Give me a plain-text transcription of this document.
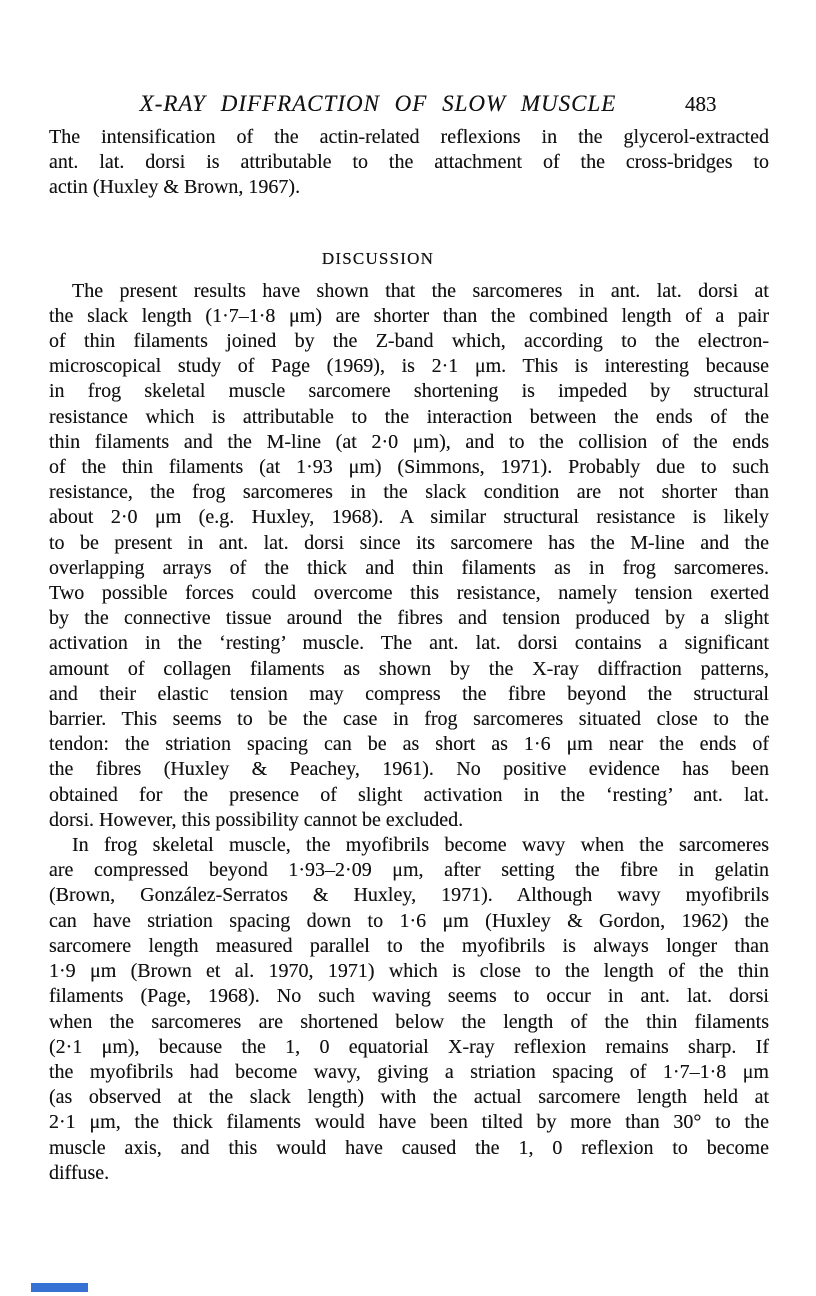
X-RAY DIFFRACTION OF SLOW MUSCLE	483
The intensification of the actin-related reflexions in the glycerol-extracted
ant. lat. dorsi is attributable to the attachment of the cross-bridges to
actin (Huxley & Brown, 1967).
DISCUSSION
The present results have shown that the sarcomeres in ant. lat. dorsi at
the slack length (1·7–1·8 μm) are shorter than the combined length of a pair
of thin filaments joined by the Z-band which, according to the electron-
microscopical study of Page (1969), is 2·1 μm. This is interesting because
in frog skeletal muscle sarcomere shortening is impeded by structural
resistance which is attributable to the interaction between the ends of the
thin filaments and the M-line (at 2·0 μm), and to the collision of the ends
of the thin filaments (at 1·93 μm) (Simmons, 1971). Probably due to such
resistance, the frog sarcomeres in the slack condition are not shorter than
about 2·0 μm (e.g. Huxley, 1968). A similar structural resistance is likely
to be present in ant. lat. dorsi since its sarcomere has the M-line and the
overlapping arrays of the thick and thin filaments as in frog sarcomeres.
Two possible forces could overcome this resistance, namely tension exerted
by the connective tissue around the fibres and tension produced by a slight
activation in the ‘resting’ muscle. The ant. lat. dorsi contains a significant
amount of collagen filaments as shown by the X-ray diffraction patterns,
and their elastic tension may compress the fibre beyond the structural
barrier. This seems to be the case in frog sarcomeres situated close to the
tendon: the striation spacing can be as short as 1·6 μm near the ends of
the fibres (Huxley & Peachey, 1961). No positive evidence has been
obtained for the presence of slight activation in the ‘resting’ ant. lat.
dorsi. However, this possibility cannot be excluded.
In frog skeletal muscle, the myofibrils become wavy when the sarcomeres
are compressed beyond 1·93–2·09 μm, after setting the fibre in gelatin
(Brown, González-Serratos & Huxley, 1971). Although wavy myofibrils
can have striation spacing down to 1·6 μm (Huxley & Gordon, 1962) the
sarcomere length measured parallel to the myofibrils is always longer than
1·9 μm (Brown et al. 1970, 1971) which is close to the length of the thin
filaments (Page, 1968). No such waving seems to occur in ant. lat. dorsi
when the sarcomeres are shortened below the length of the thin filaments
(2·1 μm), because the 1, 0 equatorial X-ray reflexion remains sharp. If
the myofibrils had become wavy, giving a striation spacing of 1·7–1·8 μm
(as observed at the slack length) with the actual sarcomere length held at
2·1 μm, the thick filaments would have been tilted by more than 30° to the
muscle axis, and this would have caused the 1, 0 reflexion to become
diffuse.
